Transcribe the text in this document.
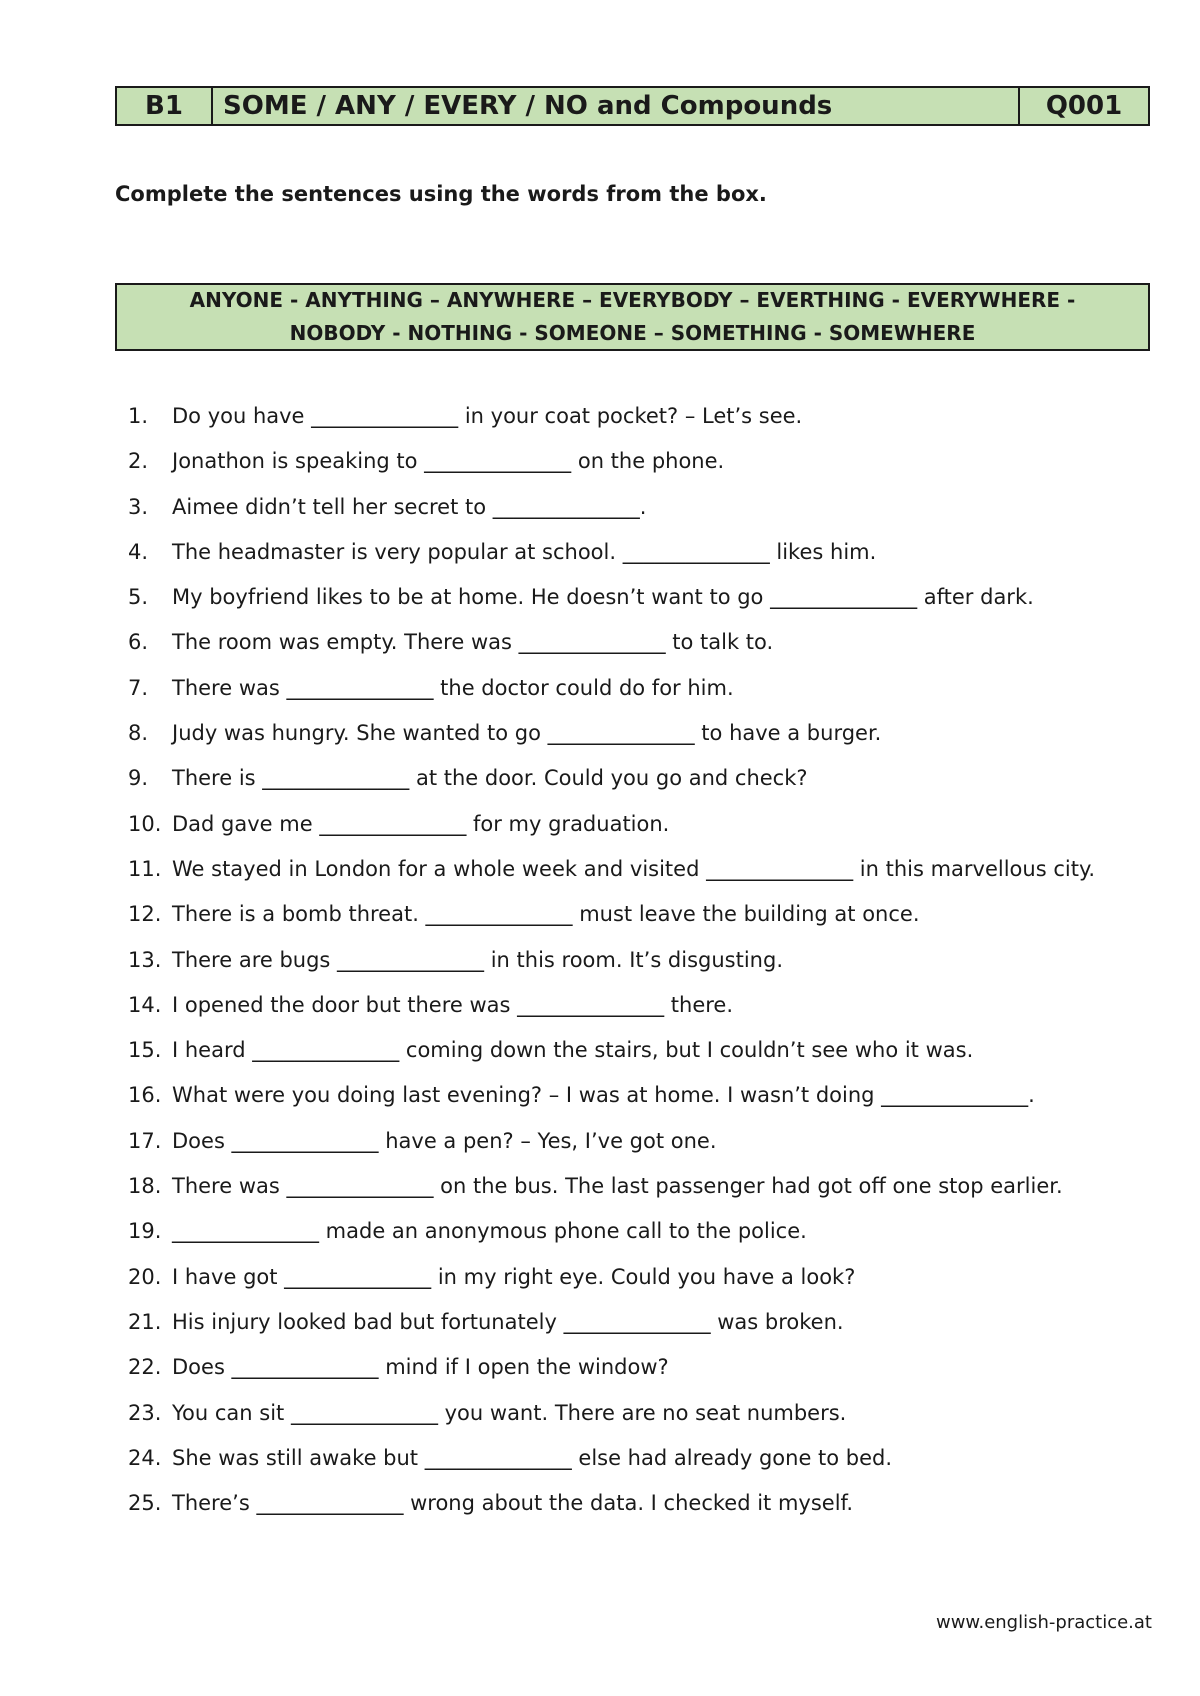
B1	SOME / ANY / EVERY / NO and Compounds	Q001
Complete the sentences using the words from the box.
ANYONE - ANYTHING – ANYWHERE – EVERYBODY – EVERTHING - EVERYWHERE -
NOBODY - NOTHING - SOMEONE – SOMETHING - SOMEWHERE
1.	Do you have ______________ in your coat pocket? – Let’s see.
2.	Jonathon is speaking to ______________ on the phone.
3.	Aimee didn’t tell her secret to ______________.
4.	The headmaster is very popular at school. ______________ likes him.
5.	My boyfriend likes to be at home. He doesn’t want to go ______________ after dark.
6.	The room was empty. There was ______________ to talk to.
7.	There was ______________ the doctor could do for him.
8.	Judy was hungry. She wanted to go ______________ to have a burger.
9.	There is ______________ at the door. Could you go and check?
10. Dad gave me ______________ for my graduation.
11. We stayed in London for a whole week and visited ______________ in this marvellous city.
12. There is a bomb threat. ______________ must leave the building at once.
13. There are bugs ______________ in this room. It’s disgusting.
14. I opened the door but there was ______________ there.
15. I heard ______________ coming down the stairs, but I couldn’t see who it was.
16. What were you doing last evening? – I was at home. I wasn’t doing ______________.
17. Does ______________ have a pen? – Yes, I’ve got one.
18. There was ______________ on the bus. The last passenger had got off one stop earlier.
19. ______________ made an anonymous phone call to the police.
20. I have got ______________ in my right eye. Could you have a look?
21. His injury looked bad but fortunately ______________ was broken.
22. Does ______________ mind if I open the window?
23. You can sit ______________ you want. There are no seat numbers.
24. She was still awake but ______________ else had already gone to bed.
25. There’s ______________ wrong about the data. I checked it myself.
www.english-practice.at
